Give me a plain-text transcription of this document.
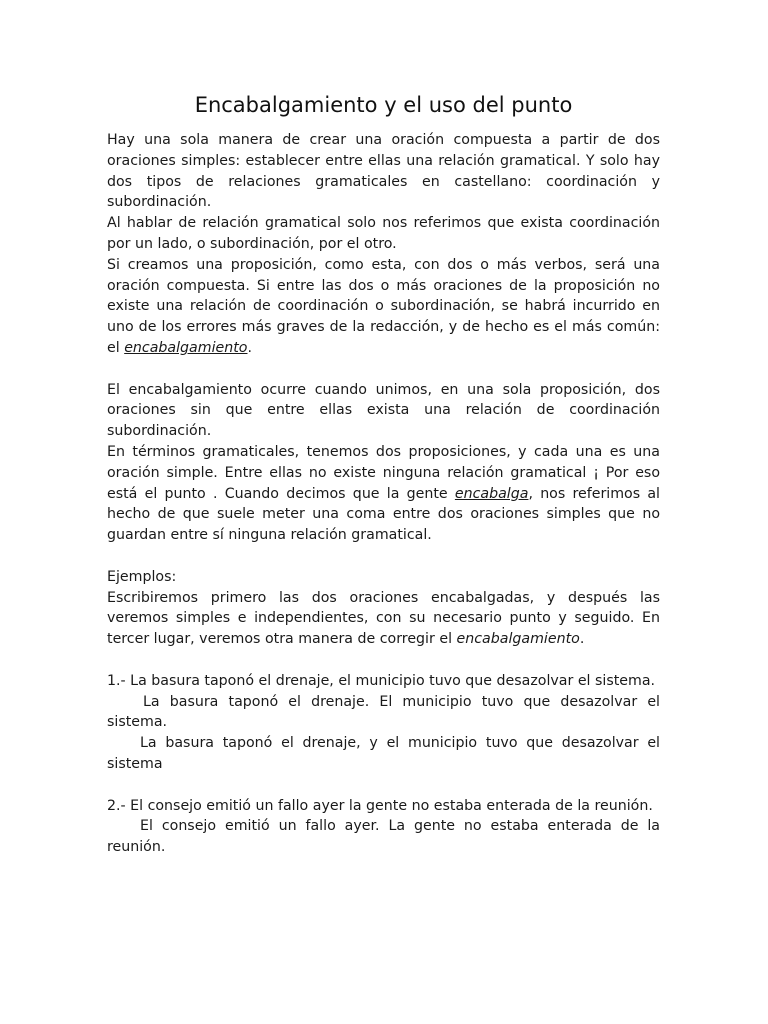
Encabalgamiento y el uso del punto

Hay una sola manera de crear una oración compuesta a partir de dos oraciones simples: establecer entre ellas una relación gramatical. Y solo hay dos tipos de relaciones gramaticales en castellano: coordinación y subordinación.

Al hablar de relación gramatical solo nos referimos que exista coordinación por un lado, o subordinación, por el otro.

Si creamos una proposición, como esta, con dos o más verbos, será una oración compuesta. Si entre las dos o más oraciones de la proposición no existe una relación de coordinación o subordinación, se habrá incurrido en uno de los errores más graves de la redacción, y de hecho es el más común: el encabalgamiento.

El encabalgamiento ocurre cuando unimos, en una sola proposición, dos oraciones sin que entre ellas exista una relación de coordinación subordinación.

En términos gramaticales, tenemos dos proposiciones, y cada una es una oración simple. Entre ellas no existe ninguna relación gramatical ¡ Por eso está el punto . Cuando decimos que la gente encabalga, nos referimos al hecho de que suele meter una coma entre dos oraciones simples que no guardan entre sí ninguna relación gramatical.

Ejemplos:

Escribiremos primero las dos oraciones encabalgadas, y después las veremos simples e independientes, con su necesario punto y seguido. En tercer lugar, veremos otra manera de corregir el encabalgamiento.

1.- La basura taponó el drenaje, el municipio tuvo que desazolvar el sistema.

La basura taponó el drenaje. El municipio tuvo que desazolvar el sistema.

La basura taponó el drenaje, y el municipio tuvo que desazolvar el sistema

2.- El consejo emitió un fallo ayer la gente no estaba enterada de la reunión.

El consejo emitió un fallo ayer. La gente no estaba enterada de la reunión.
